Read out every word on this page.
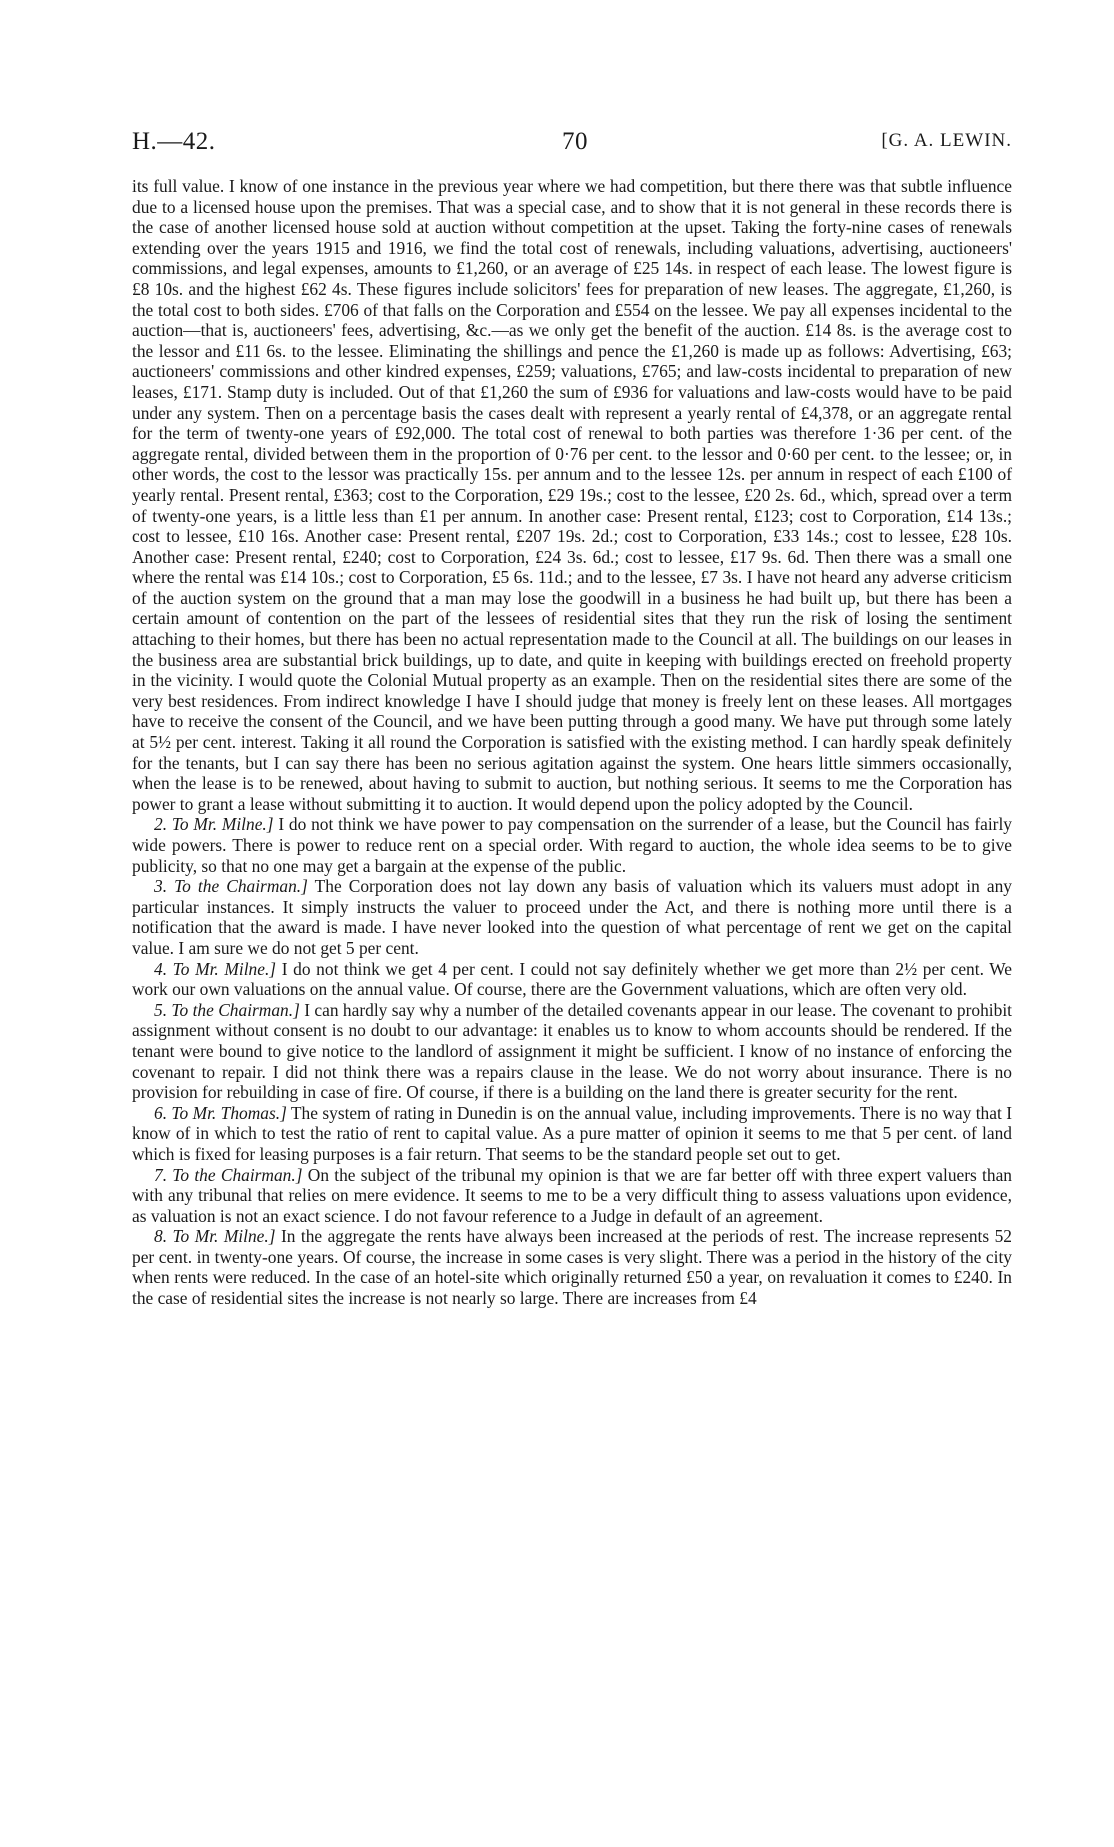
H.—42.	70	[G. A. LEWIN.

its full value. I know of one instance in the previous year where we had competition, but there there was that subtle influence due to a licensed house upon the premises. That was a special case, and to show that it is not general in these records there is the case of another licensed house sold at auction without competition at the upset. Taking the forty-nine cases of renewals extending over the years 1915 and 1916, we find the total cost of renewals, including valuations, advertising, auctioneers' commissions, and legal expenses, amounts to £1,260, or an average of £25 14s. in respect of each lease. The lowest figure is £8 10s. and the highest £62 4s. These figures include solicitors' fees for preparation of new leases. The aggregate, £1,260, is the total cost to both sides. £706 of that falls on the Corporation and £554 on the lessee. We pay all expenses incidental to the auction—that is, auctioneers' fees, advertising, &c.—as we only get the benefit of the auction. £14 8s. is the average cost to the lessor and £11 6s. to the lessee. Eliminating the shillings and pence the £1,260 is made up as follows: Advertising, £63; auctioneers' commissions and other kindred expenses, £259; valuations, £765; and law-costs incidental to preparation of new leases, £171. Stamp duty is included. Out of that £1,260 the sum of £936 for valuations and law-costs would have to be paid under any system. Then on a percentage basis the cases dealt with represent a yearly rental of £4,378, or an aggregate rental for the term of twenty-one years of £92,000. The total cost of renewal to both parties was therefore 1·36 per cent. of the aggregate rental, divided between them in the proportion of 0·76 per cent. to the lessor and 0·60 per cent. to the lessee; or, in other words, the cost to the lessor was practically 15s. per annum and to the lessee 12s. per annum in respect of each £100 of yearly rental. Present rental, £363; cost to the Corporation, £29 19s.; cost to the lessee, £20 2s. 6d., which, spread over a term of twenty-one years, is a little less than £1 per annum. In another case: Present rental, £123; cost to Corporation, £14 13s.; cost to lessee, £10 16s. Another case: Present rental, £207 19s. 2d.; cost to Corporation, £33 14s.; cost to lessee, £28 10s. Another case: Present rental, £240; cost to Corporation, £24 3s. 6d.; cost to lessee, £17 9s. 6d. Then there was a small one where the rental was £14 10s.; cost to Corporation, £5 6s. 11d.; and to the lessee, £7 3s. I have not heard any adverse criticism of the auction system on the ground that a man may lose the goodwill in a business he had built up, but there has been a certain amount of contention on the part of the lessees of residential sites that they run the risk of losing the sentiment attaching to their homes, but there has been no actual representation made to the Council at all. The buildings on our leases in the business area are substantial brick buildings, up to date, and quite in keeping with buildings erected on freehold property in the vicinity. I would quote the Colonial Mutual property as an example. Then on the residential sites there are some of the very best residences. From indirect knowledge I have I should judge that money is freely lent on these leases. All mortgages have to receive the consent of the Council, and we have been putting through a good many. We have put through some lately at 5½ per cent. interest. Taking it all round the Corporation is satisfied with the existing method. I can hardly speak definitely for the tenants, but I can say there has been no serious agitation against the system. One hears little simmers occasionally, when the lease is to be renewed, about having to submit to auction, but nothing serious. It seems to me the Corporation has power to grant a lease without submitting it to auction. It would depend upon the policy adopted by the Council.

2. To Mr. Milne.] I do not think we have power to pay compensation on the surrender of a lease, but the Council has fairly wide powers. There is power to reduce rent on a special order. With regard to auction, the whole idea seems to be to give publicity, so that no one may get a bargain at the expense of the public.

3. To the Chairman.] The Corporation does not lay down any basis of valuation which its valuers must adopt in any particular instances. It simply instructs the valuer to proceed under the Act, and there is nothing more until there is a notification that the award is made. I have never looked into the question of what percentage of rent we get on the capital value. I am sure we do not get 5 per cent.

4. To Mr. Milne.] I do not think we get 4 per cent. I could not say definitely whether we get more than 2½ per cent. We work our own valuations on the annual value. Of course, there are the Government valuations, which are often very old.

5. To the Chairman.] I can hardly say why a number of the detailed covenants appear in our lease. The covenant to prohibit assignment without consent is no doubt to our advantage: it enables us to know to whom accounts should be rendered. If the tenant were bound to give notice to the landlord of assignment it might be sufficient. I know of no instance of enforcing the covenant to repair. I did not think there was a repairs clause in the lease. We do not worry about insurance. There is no provision for rebuilding in case of fire. Of course, if there is a building on the land there is greater security for the rent.

6. To Mr. Thomas.] The system of rating in Dunedin is on the annual value, including improvements. There is no way that I know of in which to test the ratio of rent to capital value. As a pure matter of opinion it seems to me that 5 per cent. of land which is fixed for leasing purposes is a fair return. That seems to be the standard people set out to get.

7. To the Chairman.] On the subject of the tribunal my opinion is that we are far better off with three expert valuers than with any tribunal that relies on mere evidence. It seems to me to be a very difficult thing to assess valuations upon evidence, as valuation is not an exact science. I do not favour reference to a Judge in default of an agreement.

8. To Mr. Milne.] In the aggregate the rents have always been increased at the periods of rest. The increase represents 52 per cent. in twenty-one years. Of course, the increase in some cases is very slight. There was a period in the history of the city when rents were reduced. In the case of an hotel-site which originally returned £50 a year, on revaluation it comes to £240. In the case of residential sites the increase is not nearly so large. There are increases from £4
